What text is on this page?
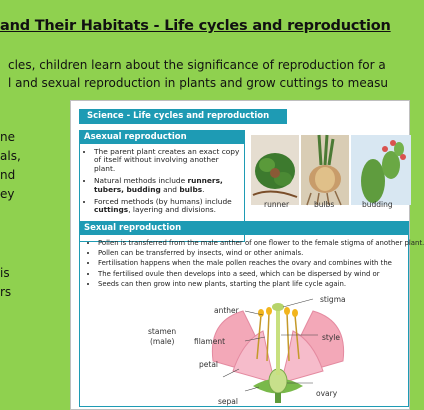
and Their Habitats - Life cycles and reproduction
cles, children learn about the significance of reproduction for a
l and sexual reproduction in plants and grow cuttings to measu
ne
als,
nd
ey
is
rs
Science - Life cycles and reproduction
Asexual reproduction
• The parent plant creates an exact copy of itself without involving another plant.
• Natural methods include runners, tubers, budding and bulbs.
• Forced methods (by humans) include cuttings, layering and divisions.
runner	bulbs	budding
Sexual reproduction
• Pollen is transferred from the male anther of one flower to the female stigma of another plant.
• Pollen can be transferred by insects, wind or other animals.
• Fertilisation happens when the male pollen reaches the ovary and combines with the
• The fertilised ovule then develops into a seed, which can be dispersed by wind or
• Seeds can then grow into new plants, starting the plant life cycle again.
stamen
(male)
anther
filament
petal
sepal
stigma
style
ovary
